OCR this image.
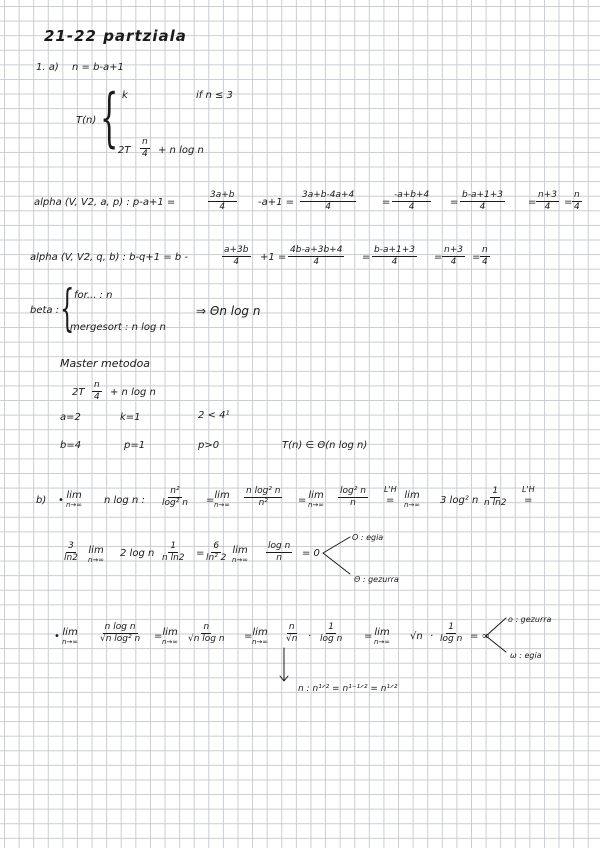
21-22 partziala
1. a) n = b-a+1
T(n) { k	if n ≤ 3
$2T \frac{n}{4} + n$ log n
alpha (V, V2, a, p) : p-a+1 =	$\frac{3a+b}{4} -a+1 = \frac{3a+b-4a+4}{4}$	= $\frac{-a+b+4}{4} = \frac{b-a+1+3}{4} = \frac{n+3}{4} = \frac{n}{4}$
alpha (V, V2, q, b) : b-q+1 = b -	$\frac{a+3b}{4} +1 = \frac{4b-a+3b+4}{4} = \frac{b-a+1+3}{4} = \frac{n+3}{4} = \frac{n}{4}$
beta : { for... : n
mergesort : n log n
⇒ Θn log n
Master metodoa
$2T \frac{n}{4} + n$ log n
a=2	k=1	2 < 4¹
b=4	p=1	p>0	T(n) ∈ Θ(n log n)
b) • lim
n→∞ n log n : $\frac{\text{n²}}{\text{log² n}} = \lim$
$n\to\infty \frac{\text{n log² n}}{\text{n²}} = \lim$
$n\to\infty \frac{\text{log² n}}{n} L'H$
= lim
n→∞ 3 log² n $\frac{1}{\text{n ln2}} L'H$
=
$\frac{3}{\ln 2}$ lim
n→∞
2 log n $\frac{1}{\text{n ln2}} = \frac{6}{\text{ln² 2}}$ lim
$n\to\infty \frac{\text{log n}}{n} = 0$
O : egia
Θ : gezurra
• lim
$n\to\infty \frac{\text{n log n}}{\text{√n log² n}} = \lim$
$n\to\infty \frac{n}{\text{√n log n}} = \lim$
$n\to\infty \frac{n}{√n} \cdot \frac{1}{\text{log n}} = \lim$
n→∞ $√n \cdot \frac{1}{\text{log n}}$ = ∞
o : gezurra
ω : egia
n : n¹ᐟ² = n¹⁻¹ᐟ² = n¹ᐟ²
